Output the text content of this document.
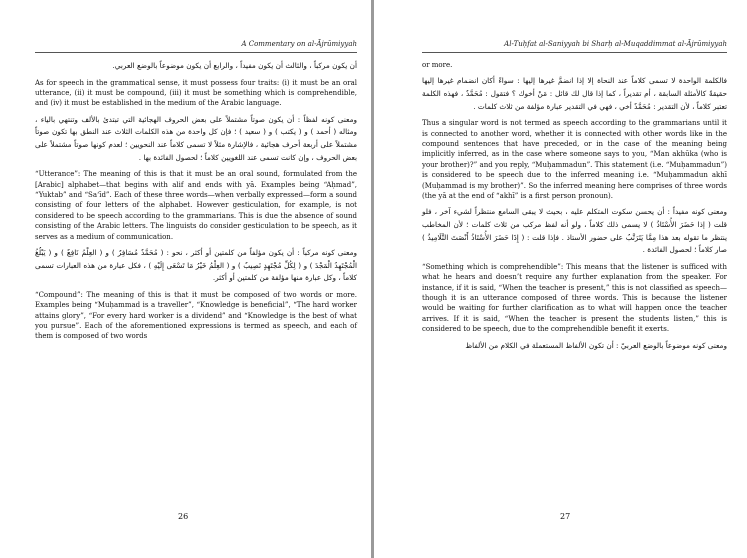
A Commentary on al-Ājrūmiyyah

أن يكون مركباً ، والثالث أن يكون مفيداً ، والرابع أن يكون موضوعاً بالوضع العربي.

As for speech in the grammatical sense, it must possess four traits: (i) it must be an oral utterance, (ii) it must be compound, (iii) it must be something which is comprehendible, and (iv) it must be established in the medium of the Arabic language.

ومعنى كونه لفظاً : أن يكون صوتاً مشتملاً على بعض الحروف الهجائية التي تبتدئ بالألف وتنتهي بالياء ، ومثاله ( أحمد ) و ( يكتب ) و ( سعيد ) ؛ فإن كل واحدة من هذه الكلمات الثلاث عند النطق بها تكون صوتاً مشتملاً على أربعة أحرف هجائية ، فالإشارة مثلاً لا تسمى كلاماً عند النحويين ؛ لعدم كونها صوتاً مشتملاً على بعض الحروف ، وإن كانت تسمى عند اللغويين كلاماً ؛ لحصول الفائدة بها .

“Utterance”: The meaning of this is that it must be an oral sound, formulated from the [Arabic] alphabet—that begins with alif and ends with yā. Examples being “Aḥmad”, “Yuktab” and “Sa‘īd”. Each of these three words—when verbally expressed—form a sound consisting of four letters of the alphabet. However gesticulation, for example, is not considered to be speech according to the grammarians. This is due the absence of sound consisting of the Arabic letters. The linguists do consider gesticulation to be speech, as it serves as a medium of communication.

ومعنى كونه مركباً : أن يكون مؤلفاً من كلمتين أو أكثر ، نحو : ( مُحَمَّدٌ مُسَافِرٌ ) و ( العِلْمُ نَافِعٌ ) و ( يَبْلُغُ الْمُجْتَهِدُ الْمَجْدَ ) و ( لِكُلِّ مُجْتَهِدٍ نَصِيبٌ ) و ( العِلْمُ خَيْرُ مَا تَسْعَى إِلَيْهِ ) ، فكل عبارة من هذه العبارات تسمى كلاماً ، وكل عبارة منها مؤلفة من كلمتين أو أكثر.

“Compound”: The meaning of this is that it must be composed of two words or more. Examples being “Muḥammad is a traveller”, “Knowledge is beneficial”, “The hard worker attains glory”, “For every hard worker is a dividend” and “Knowledge is the best of what you pursue”. Each of the aforementioned expressions is termed as speech, and each of them is composed of two words

26
Al-Tuḥfat al-Saniyyah bi Sharḥ al-Muqaddimmat al-Ājrūmiyyah

or more.

فالكلمة الواحدة لا تسمى كلاماً عند النحاة إلا إذا انضمَّ غيرها إليها : سواءً أكان انضمام غيرها إليها حقيقةً كالأمثلة السابقة ، أم تقديراً ، كما إذا قال لك قائل : مَنْ أخوك ؟ فتقول : مُحَمَّدٌ ، فهذه الكلمة تعتبر كلاماً ، لأن التقدير : مُحَمَّدٌ أخي ، فهي في التقدير عبارة مؤلفة من ثلاث كلمات .

Thus a singular word is not termed as speech according to the grammarians until it is connected to another word, whether it is connected with other words like in the compound sentences that have preceded, or in the case of the meaning being implicitly inferred, as in the case where someone says to you, “Man akhūka (who is your brother)?” and you reply, “Muḥammadun”. This statement (i.e. “Muḥammadun”) is considered to be speech due to the inferred meaning i.e. “Muḥammadun akhī (Muḥammad is my brother)”. So the inferred meaning here comprises of three words (the yā at the end of “akhī” is a first person pronoun).

ومعنى كونه مفيداً : أن يحسن سكوت المتكلم عليه ، بحيث لا يبقى السامع منتظراً لشيء آخر ، فلو قلت ( إذا حَضَرَ الأُسْتَاذُ ) لا يسمى ذلك كلاماً ، ولو أنه لفظ مركب من ثلاث كلمات ؛ لأن المخاطب ينتظر ما تقوله بعد هذا مِمَّا يَتَرَتَّبُ على حضور الأستاذ . فإذا قلت : ( إِذَا حَضَرَ الأُسْتَاذُ أَنْصَتَ التَّلَامِيذُ ) صار كلاماً ؛ لحصول الفائدة .

“Something which is comprehendible”: This means that the listener is sufficed with what he hears and doesn’t require any further explanation from the speaker. For instance, if it is said, “When the teacher is present,” this is not classified as speech—though it is an utterance composed of three words. This is because the listener would be waiting for further clarification as to what will happen once the teacher arrives. If it is said, “When the teacher is present the students listen,” this is considered to be speech, due to the comprehendible benefit it exerts.

ومعنى كونه موضوعاً بالوضع العربيّ : أن تكون الألفاظ المستعملة في الكلام من الألفاظ

27
